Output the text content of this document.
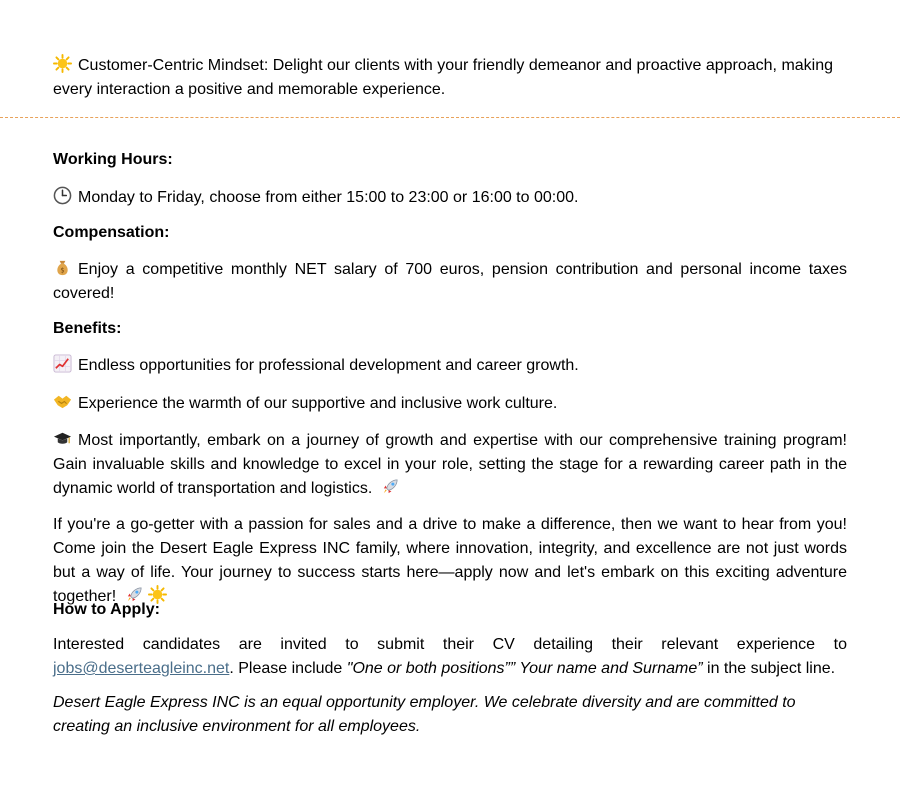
Customer-Centric Mindset: Delight our clients with your friendly demeanor and proactive approach, making every interaction a positive and memorable experience.
Working Hours:
Monday to Friday, choose from either 15:00 to 23:00 or 16:00 to 00:00.
Compensation:
$ Enjoy a competitive monthly NET salary of 700 euros, pension contribution and personal income taxes covered!
Benefits:
Endless opportunities for professional development and career growth.
Experience the warmth of our supportive and inclusive work culture.
Most importantly, embark on a journey of growth and expertise with our comprehensive training program! Gain invaluable skills and knowledge to excel in your role, setting the stage for a rewarding career path in the dynamic world of transportation and logistics.
If you're a go-getter with a passion for sales and a drive to make a difference, then we want to hear from you! Come join the Desert Eagle Express INC family, where innovation, integrity, and excellence are not just words but a way of life. Your journey to success starts here—apply now and let's embark on this exciting adventure together!
How to Apply:
Interested candidates are invited to submit their CV detailing their relevant experience to jobs@deserteagleinc.net. Please include "One or both positions”” Your name and Surname” in the subject line.
Desert Eagle Express INC is an equal opportunity employer. We celebrate diversity and are committed to creating an inclusive environment for all employees.
